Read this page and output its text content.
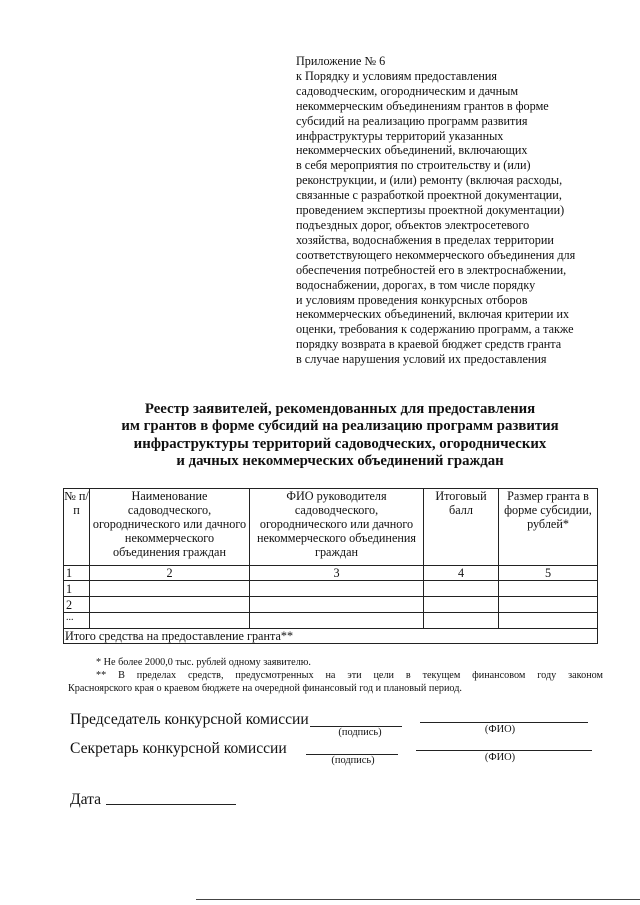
Приложение № 6
к Порядку и условиям предоставления
садоводческим, огородническим и дачным
некоммерческим объединениям грантов в форме
субсидий на реализацию программ развития
инфраструктуры территорий указанных
некоммерческих объединений, включающих
в себя мероприятия по строительству и (или)
реконструкции, и (или) ремонту (включая расходы,
связанные с разработкой проектной документации,
проведением экспертизы проектной документации)
подъездных дорог, объектов электросетевого
хозяйства, водоснабжения в пределах территории
соответствующего некоммерческого объединения для
обеспечения потребностей его в электроснабжении,
водоснабжении, дорогах, в том числе порядку
и условиям проведения конкурсных отборов
некоммерческих объединений, включая критерии их
оценки, требования к содержанию программ, а также
порядку возврата в краевой бюджет средств гранта
в случае нарушения условий их предоставления
Реестр заявителей, рекомендованных для предоставления
им грантов в форме субсидий на реализацию программ развития
инфраструктуры территорий садоводческих, огороднических
и дачных некоммерческих объединений граждан
№ п/п	Наименование садоводческого, огороднического или дачного некоммерческого объединения граждан	ФИО руководителя садоводческого, огороднического или дачного некоммерческого объединения граждан	Итоговый балл	Размер гранта в форме субсидии, рублей*
1	2	3	4	5
1				
2				
...				
Итого средства на предоставление гранта**				
* Не более 2000,0 тыс. рублей одному заявителю.
** В пределах средств, предусмотренных на эти цели в текущем финансовом году законом
Красноярского края о краевом бюджете на очередной финансовый год и плановый период.
Председатель конкурсной комиссии
(подпись)	(ФИО)
Секретарь конкурсной комиссии
(подпись)	(ФИО)
Дата
